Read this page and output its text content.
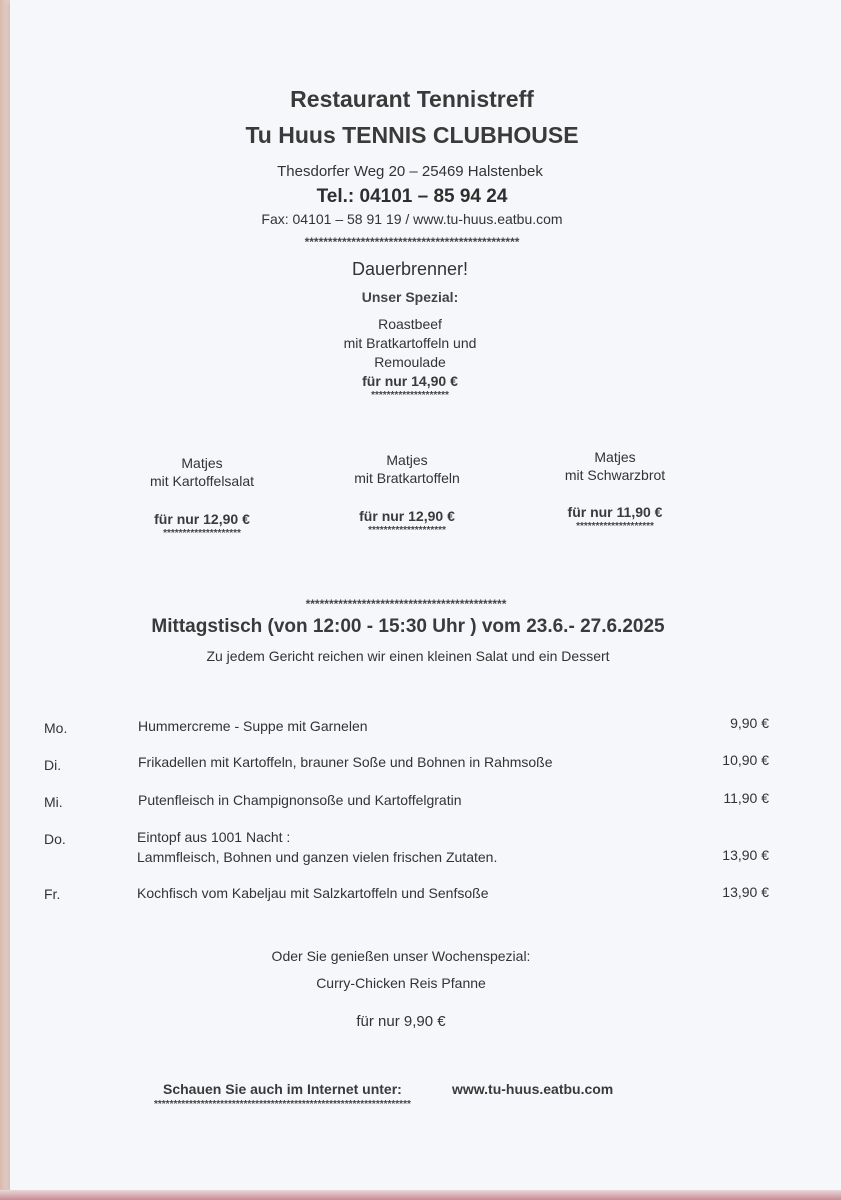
Restaurant Tennistreff
Tu Huus TENNIS CLUBHOUSE
Thesdorfer Weg 20 – 25469 Halstenbek
Tel.: 04101 – 85 94 24
Fax: 04101 – 58 91 19 / www.tu-huus.eatbu.com
**********************************************
Dauerbrenner!
Unser Spezial:
Roastbeef
mit Bratkartoffeln und
Remoulade
für nur 14,90 €
********************
Matjes
mit Kartoffelsalat
für nur 12,90 €
********************
Matjes
mit Bratkartoffeln
für nur 12,90 €
********************
Matjes
mit Schwarzbrot
für nur 11,90 €
********************
*******************************************
Mittagstisch (von 12:00 - 15:30 Uhr ) vom 23.6.- 27.6.2025
Zu jedem Gericht reichen wir einen kleinen Salat und ein Dessert
Mo.	Hummercreme - Suppe mit Garnelen	9,90 €
Di.	Frikadellen mit Kartoffeln, brauner Soße und Bohnen in Rahmsoße	10,90 €
Mi.	Putenfleisch in Champignonsoße und Kartoffelgratin	11,90 €
Do.	Eintopf aus 1001 Nacht :
Lammfleisch, Bohnen und ganzen vielen frischen Zutaten.	13,90 €
Fr.	Kochfisch vom Kabeljau mit Salzkartoffeln und Senfsoße	13,90 €
Oder Sie genießen unser Wochenspezial:
Curry-Chicken Reis Pfanne
für nur 9,90 €
Schauen Sie auch im Internet unter:	www.tu-huus.eatbu.com
******************************************************************
